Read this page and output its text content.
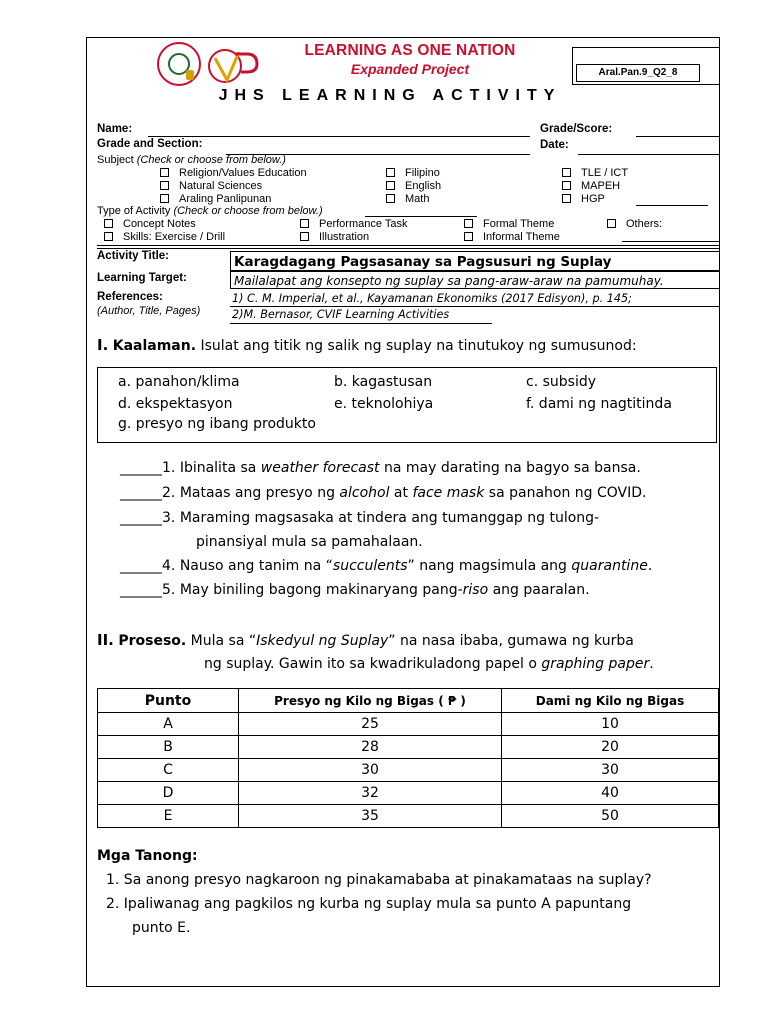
LEARNING AS ONE NATION
Expanded Project	Aral.Pan.9_Q2_8
JHS LEARNING ACTIVITY
Name:
Grade and Section:
Grade/Score:
Date:
Subject (Check or choose from below.)
Religion/Values Education
Natural Sciences
Araling Panlipunan
Filipino
English
Math
TLE / ICT
MAPEH
HGP
Type of Activity (Check or choose from below.)
Concept Notes
Skills: Exercise / Drill
Performance Task
Illustration
Formal Theme
Informal Theme
Others:
Activity Title:	Karagdagang Pagsasanay sa Pagsusuri ng Suplay
Learning Target:	Mailalapat ang konsepto ng suplay sa pang-araw-araw na pamumuhay.
References:
(Author, Title, Pages)
1) C. M. Imperial, et al., Kayamanan Ekonomiks (2017 Edisyon), p. 145;
2)M. Bernasor, CVIF Learning Activities
I. Kaalaman. Isulat ang titik ng salik ng suplay na tinutukoy ng sumusunod:
a. panahon/klima	b. kagastusan	c. subsidy
d. ekspektasyon	e. teknolohiya	f. dami ng nagtitinda
g. presyo ng ibang produkto
______1. Ibinalita sa weather forecast na may darating na bagyo sa bansa.
______2. Mataas ang presyo ng alcohol at face mask sa panahon ng COVID.
______3. Maraming magsasaka at tindera ang tumanggap ng tulong-
pinansiyal mula sa pamahalaan.
______4. Nauso ang tanim na “succulents” nang magsimula ang quarantine.
______5. May biniling bagong makinaryang pang-riso ang paaralan.
II. Proseso. Mula sa “Iskedyul ng Suplay” na nasa ibaba, gumawa ng kurba
ng suplay. Gawin ito sa kwadrikuladong papel o graphing paper.
Punto	Presyo ng Kilo ng Bigas ( ₱ )	Dami ng Kilo ng Bigas
A	25	10
B	28	20
C	30	30
D	32	40
E	35	50
Mga Tanong:
1. Sa anong presyo nagkaroon ng pinakamababa at pinakamataas na suplay?
2. Ipaliwanag ang pagkilos ng kurba ng suplay mula sa punto A papuntang
punto E.
